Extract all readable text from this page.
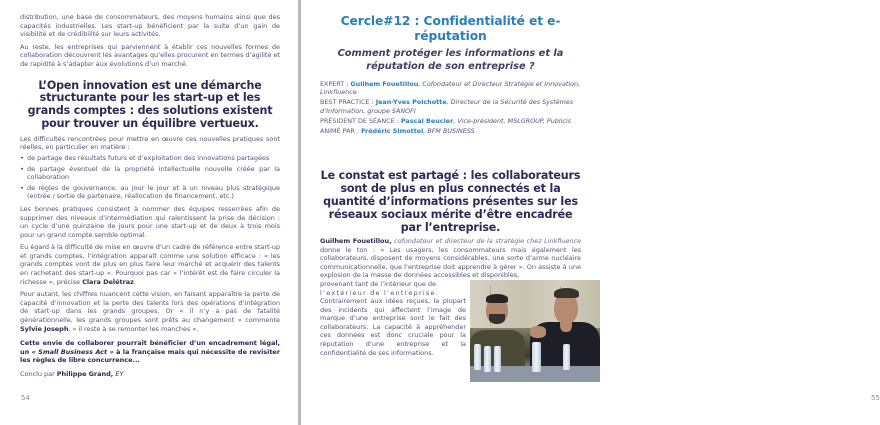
distribution, une base de consommateurs, des moyens humains ainsi que des capacités industrielles. Les start-up bénéficient par la suite d’un gain de visibilité et de crédibilité sur leurs activités.

Au reste, les entreprises qui parviennent à établir ces nouvelles formes de collaboration découvrent les avantages qu’elles procurent en termes d’agilité et de rapidité à s’adapter aux évolutions d’un marché.

L’Open innovation est une démarche structurante pour les start-up et les grands comptes : des solutions existent pour trouver un équilibre vertueux.

Les difficultés rencontrées pour mettre en œuvre ces nouvelles pratiques sont réelles, en particulier en matière :

• de partage des résultats futurs et d’exploitation des innovations partagées
• de partage éventuel de la propriété intellectuelle nouvelle créée par la collaboration
• de règles de gouvernance, au jour le jour et à un niveau plus stratégique (entrée / sortie de partenaire, réallocation de financement, etc.)

Les bonnes pratiques consistent à nommer des équipes resserrées afin de supprimer des niveaux d’intermédiation qui ralentissent la prise de décision : un cycle d’une quinzaine de jours pour une start-up et de deux à trois mois pour un grand compte semble optimal.

Eu égard à la difficulté de mise en œuvre d’un cadre de référence entre start-up et grands comptes, l’intégration apparaît comme une solution efficace : « les grands comptes vont de plus en plus faire leur marché et acquérir des talents en rachetant des start-up ». Pourquoi pas car « l’intérêt est de faire circuler la richesse », précise Clara Delétraz.

Pour autant, les chiffres nuancent cette vision, en faisant apparaître la perte de capacité d’innovation et la perte des talents lors des opérations d’intégration de start-up dans les grands groupes. Or « il n’y a pas de fatalité générationnelle, les grands groupes sont prêts au changement » commente Sylvie Joseph, « il reste à se remonter les manches ».

Cette envie de collaborer pourrait bénéficier d’un encadrement légal, un « Small Business Act » à la française mais qui nécessite de revisiter les règles de libre concurrence...

Conclu par Philippe Grand, EY

54
Cercle#12 : Confidentialité et e-réputation
Comment protéger les informations et la réputation de son entreprise ?
EXPERT : Guilhem Fouetillou, Cofondateur et Directeur Stratégie et Innovation, Linkfluence
BEST PRACTICE : Jean-Yves Poichotte, Directeur de la Sécurité des Systèmes d’Information, groupe SANOFI
PRÉSIDENT DE SÉANCE : Pascal Beucler, Vice-président, MSLGROUP, Publicis
ANIMÉ PAR : Frédéric Simottel, BFM BUSINESS
Le constat est partagé : les collaborateurs sont de plus en plus connectés et la quantité d’informations présentes sur les réseaux sociaux mérite d’être encadrée par l’entreprise.

Guilhem Fouetillou, cofondateur et directeur de la stratégie chez Linkfluence donne le ton : « Les usagers, les consommateurs mais également les collaborateurs, disposent de moyens considérables, une sorte d’arme nucléaire communicationnelle, que l’entreprise doit apprendre à gérer ». On assiste à une explosion de la masse de données accessibles et disponibles,

provenant tant de l’intérieur que de
l’extérieur de l’entreprise.
Contrairement aux idées reçues, la plupart des incidents qui affectent l’image de marque d’une entreprise sont le fait des collaborateurs. La capacité à appréhender ces données est donc cruciale pour la réputation d’une entreprise et la confidentialité de ses informations.
55
